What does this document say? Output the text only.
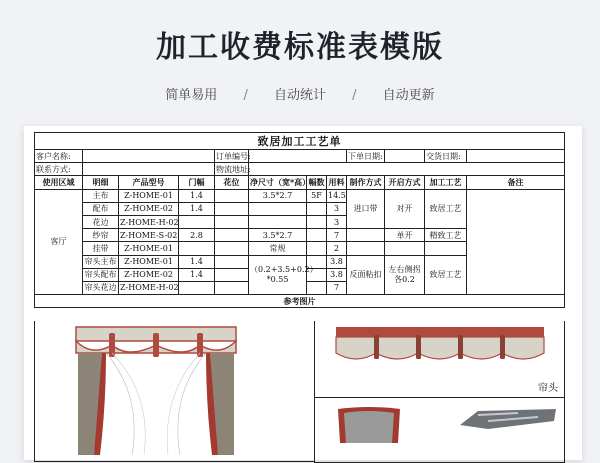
加工收费标准表模版
简单易用 / 自动统计 / 自动更新
致居加工工艺单											
客户名称:				订单编号:				下单日期:		交货日期:	
联系方式:				物流地址:							
使用区域	明细	产品型号	门幅	花位	净尺寸（宽*高）	幅数	用料	制作方式	开启方式	加工工艺	备注
客厅	主布	Z-HOME-01	1.4		3.5*2.7	5F	14.5	进口带	对开	致居工艺	
	配布	Z-HOME-02	1.4				3				
	花边	Z-HOME-H-02					3				
	纱帘	Z-HOME-S-02	2.8		3.5*2.7		7		单开	精致工艺	
	挂带	Z-HOME-01			常规		2				
	帘头主布	Z-HOME-01	1.4		（0.2+3.5+0.2）*0.55		3.8	反面粘扣	左右侧拐各0.2	致居工艺	
	帘头配布	Z-HOME-02	1.4				3.8				
	帘头花边	Z-HOME-H-02					7				
参考图片											
帘头
